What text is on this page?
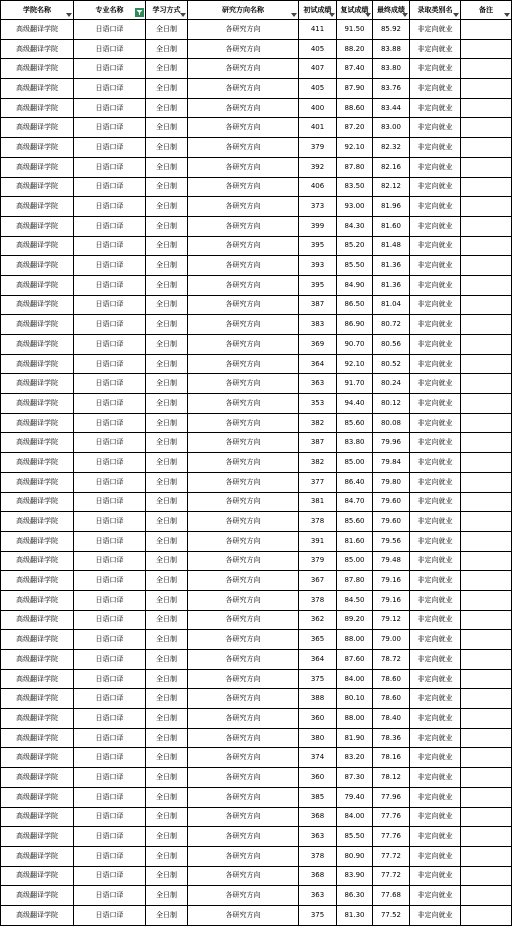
学院名称	专业名称	学习方式	研究方向名称	初试成绩	复试成绩	最终成绩	录取类别名	备注

高级翻译学院	日语口译	全日制	各研究方向	411	91.50	85.92	非定向就业	
高级翻译学院	日语口译	全日制	各研究方向	405	88.20	83.88	非定向就业	
高级翻译学院	日语口译	全日制	各研究方向	407	87.40	83.80	非定向就业	
高级翻译学院	日语口译	全日制	各研究方向	405	87.90	83.76	非定向就业	
高级翻译学院	日语口译	全日制	各研究方向	400	88.60	83.44	非定向就业	
高级翻译学院	日语口译	全日制	各研究方向	401	87.20	83.00	非定向就业	
高级翻译学院	日语口译	全日制	各研究方向	379	92.10	82.32	非定向就业	
高级翻译学院	日语口译	全日制	各研究方向	392	87.80	82.16	非定向就业	
高级翻译学院	日语口译	全日制	各研究方向	406	83.50	82.12	非定向就业	
高级翻译学院	日语口译	全日制	各研究方向	373	93.00	81.96	非定向就业	
高级翻译学院	日语口译	全日制	各研究方向	399	84.30	81.60	非定向就业	
高级翻译学院	日语口译	全日制	各研究方向	395	85.20	81.48	非定向就业	
高级翻译学院	日语口译	全日制	各研究方向	393	85.50	81.36	非定向就业	
高级翻译学院	日语口译	全日制	各研究方向	395	84.90	81.36	非定向就业	
高级翻译学院	日语口译	全日制	各研究方向	387	86.50	81.04	非定向就业	
高级翻译学院	日语口译	全日制	各研究方向	383	86.90	80.72	非定向就业	
高级翻译学院	日语口译	全日制	各研究方向	369	90.70	80.56	非定向就业	
高级翻译学院	日语口译	全日制	各研究方向	364	92.10	80.52	非定向就业	
高级翻译学院	日语口译	全日制	各研究方向	363	91.70	80.24	非定向就业	
高级翻译学院	日语口译	全日制	各研究方向	353	94.40	80.12	非定向就业	
高级翻译学院	日语口译	全日制	各研究方向	382	85.60	80.08	非定向就业	
高级翻译学院	日语口译	全日制	各研究方向	387	83.80	79.96	非定向就业	
高级翻译学院	日语口译	全日制	各研究方向	382	85.00	79.84	非定向就业	
高级翻译学院	日语口译	全日制	各研究方向	377	86.40	79.80	非定向就业	
高级翻译学院	日语口译	全日制	各研究方向	381	84.70	79.60	非定向就业	
高级翻译学院	日语口译	全日制	各研究方向	378	85.60	79.60	非定向就业	
高级翻译学院	日语口译	全日制	各研究方向	391	81.60	79.56	非定向就业	
高级翻译学院	日语口译	全日制	各研究方向	379	85.00	79.48	非定向就业	
高级翻译学院	日语口译	全日制	各研究方向	367	87.80	79.16	非定向就业	
高级翻译学院	日语口译	全日制	各研究方向	378	84.50	79.16	非定向就业	
高级翻译学院	日语口译	全日制	各研究方向	362	89.20	79.12	非定向就业	
高级翻译学院	日语口译	全日制	各研究方向	365	88.00	79.00	非定向就业	
高级翻译学院	日语口译	全日制	各研究方向	364	87.60	78.72	非定向就业	
高级翻译学院	日语口译	全日制	各研究方向	375	84.00	78.60	非定向就业	
高级翻译学院	日语口译	全日制	各研究方向	388	80.10	78.60	非定向就业	
高级翻译学院	日语口译	全日制	各研究方向	360	88.00	78.40	非定向就业	
高级翻译学院	日语口译	全日制	各研究方向	380	81.90	78.36	非定向就业	
高级翻译学院	日语口译	全日制	各研究方向	374	83.20	78.16	非定向就业	
高级翻译学院	日语口译	全日制	各研究方向	360	87.30	78.12	非定向就业	
高级翻译学院	日语口译	全日制	各研究方向	385	79.40	77.96	非定向就业	
高级翻译学院	日语口译	全日制	各研究方向	368	84.00	77.76	非定向就业	
高级翻译学院	日语口译	全日制	各研究方向	363	85.50	77.76	非定向就业	
高级翻译学院	日语口译	全日制	各研究方向	378	80.90	77.72	非定向就业	
高级翻译学院	日语口译	全日制	各研究方向	368	83.90	77.72	非定向就业	
高级翻译学院	日语口译	全日制	各研究方向	363	86.30	77.68	非定向就业	
高级翻译学院	日语口译	全日制	各研究方向	375	81.30	77.52	非定向就业	
